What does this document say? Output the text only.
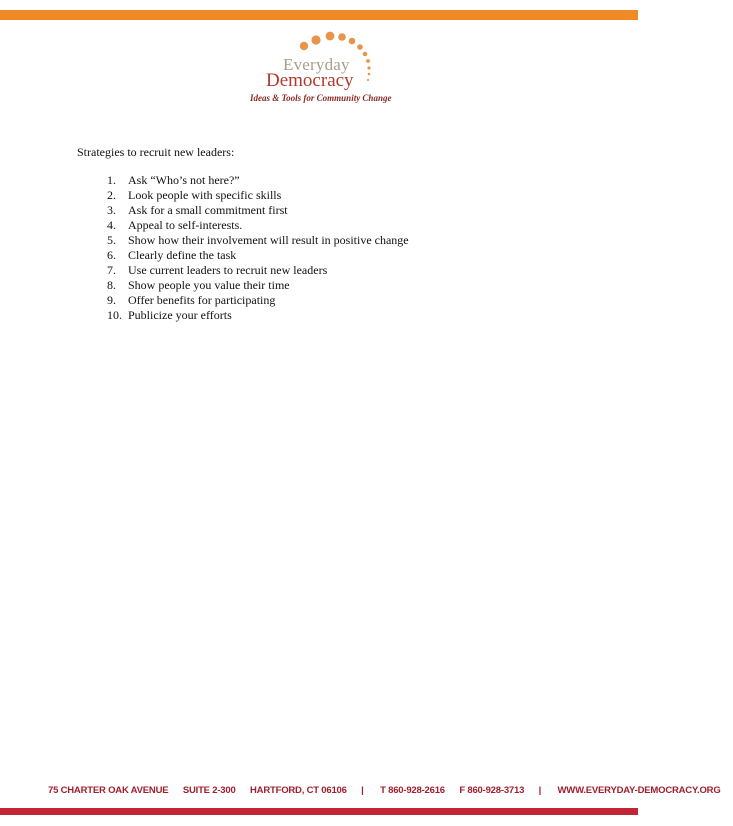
Everyday
Democracy
Ideas & Tools for Community Change

Strategies to recruit new leaders:

1.	Ask “Who’s not here?”
2.	Look people with specific skills
3.	Ask for a small commitment first
4.	Appeal to self-interests.
5.	Show how their involvement will result in positive change
6.	Clearly define the task
7.	Use current leaders to recruit new leaders
8.	Show people you value their time
9.	Offer benefits for participating
10. Publicize your efforts
75 CHARTER OAK AVENUE SUITE 2-300 HARTFORD, CT 06106 | T 860-928-2616 F 860-928-3713 | WWW.EVERYDAY-DEMOCRACY.ORG
